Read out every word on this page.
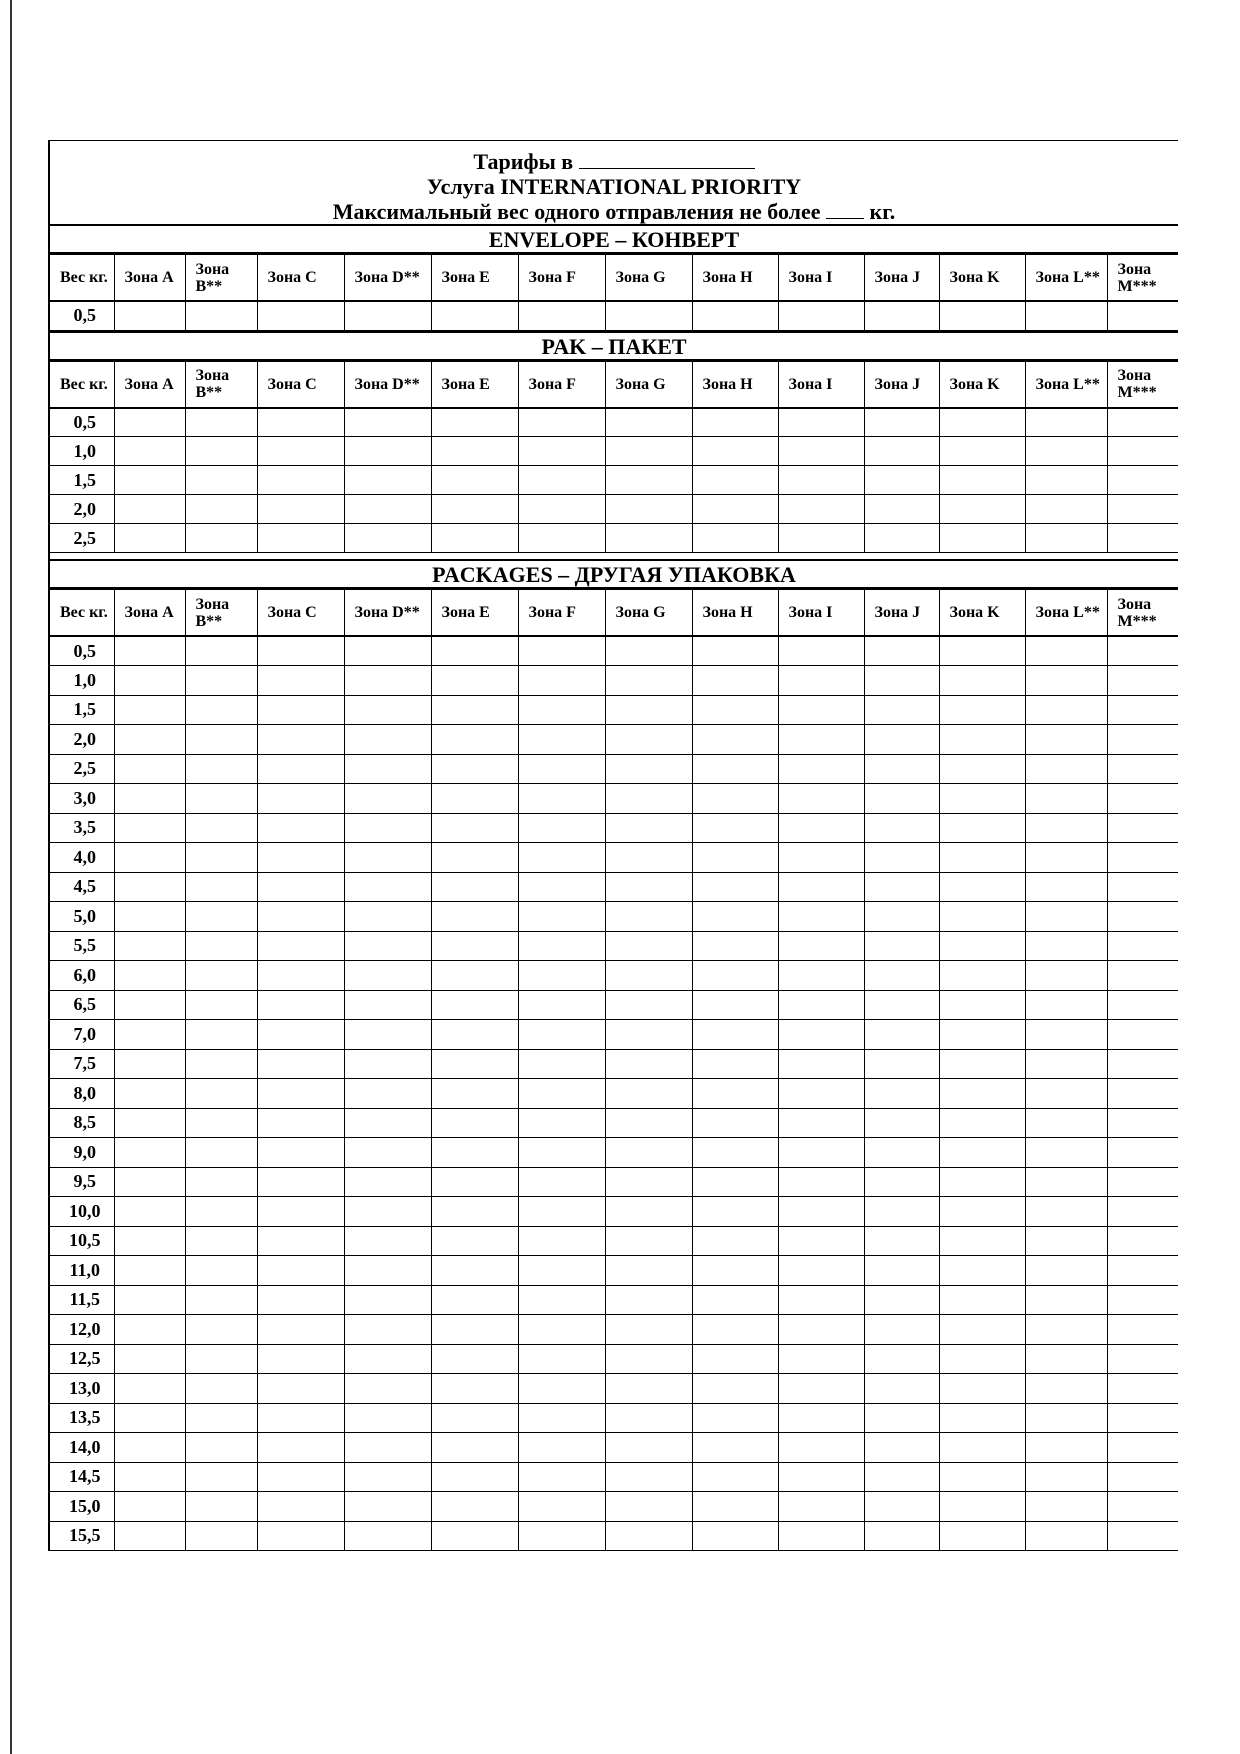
Тарифы в
Услуга INTERNATIONAL PRIORITY
Максимальный вес одного отправления не более кг.
ENVELOPE – КОНВЕРТ
Вес кг.	Зона A	Зона B**	Зона C	Зона D**	Зона E	Зона F	Зона G	Зона H	Зона I	Зона J	Зона K	Зона L**	Зона M***
0,5													
PAK – ПАКЕТ
Вес кг.	Зона A	Зона B**	Зона C	Зона D**	Зона E	Зона F	Зона G	Зона H	Зона I	Зона J	Зона K	Зона L**	Зона M***
0,5													
1,0													
1,5													
2,0													
2,5													
PACKAGES – ДРУГАЯ УПАКОВКА
Вес кг.	Зона A	Зона B**	Зона C	Зона D**	Зона E	Зона F	Зона G	Зона H	Зона I	Зона J	Зона K	Зона L**	Зона M***
0,5													
1,0													
1,5													
2,0													
2,5													
3,0													
3,5													
4,0													
4,5													
5,0													
5,5													
6,0													
6,5													
7,0													
7,5													
8,0													
8,5													
9,0													
9,5													
10,0													
10,5													
11,0													
11,5													
12,0													
12,5													
13,0													
13,5													
14,0													
14,5													
15,0													
15,5													
